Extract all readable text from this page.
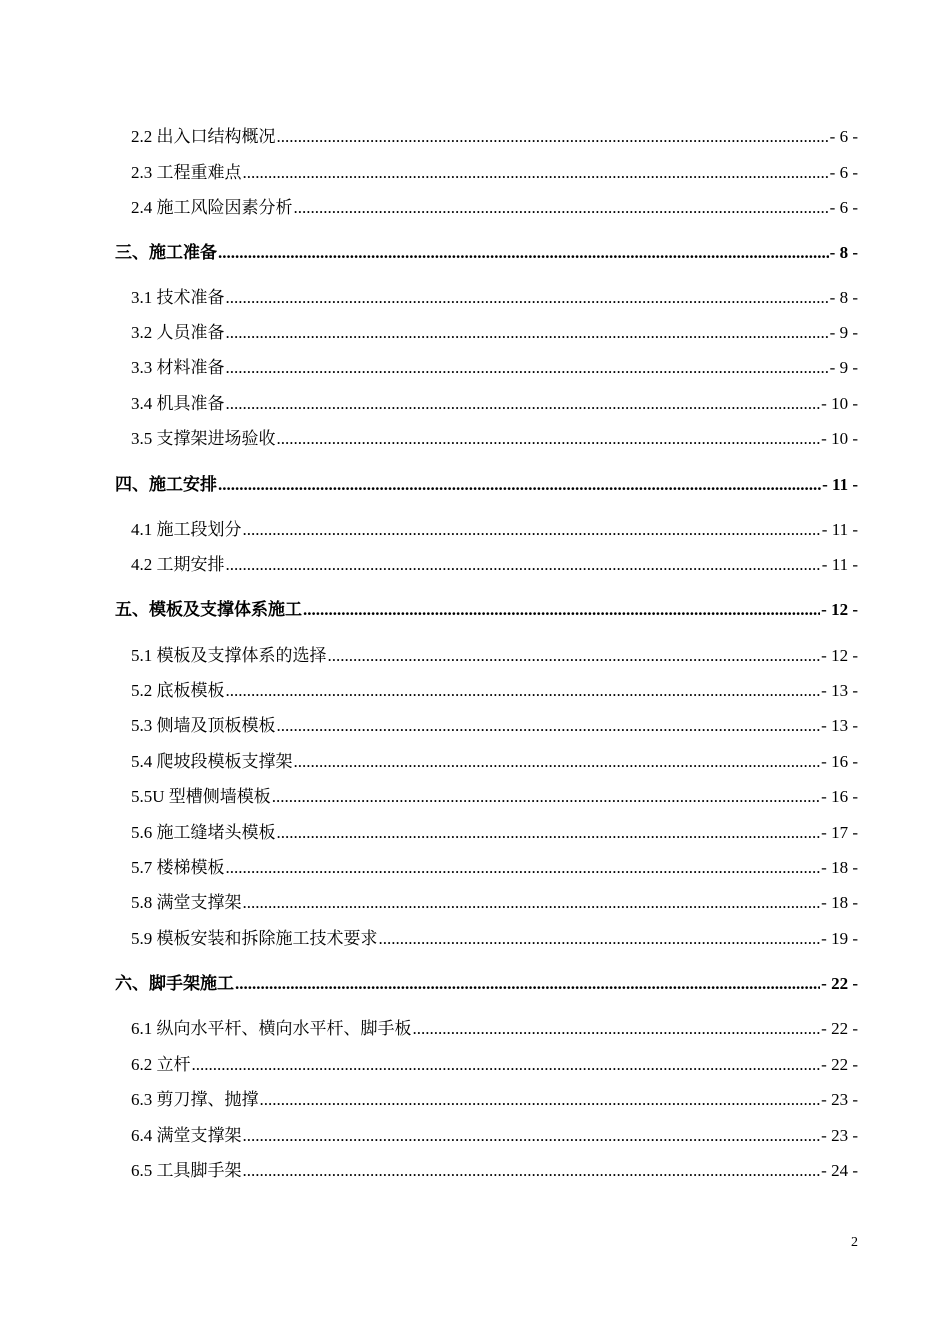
2.2 出入口结构概况 .....	- 6 -
2.3 工程重难点 .....	- 6 -
2.4 施工风险因素分析 .....	- 6 -
三、施工准备 .....	- 8 -
3.1 技术准备 .....	- 8 -
3.2 人员准备 .....	- 9 -
3.3 材料准备 .....	- 9 -
3.4 机具准备 .....	- 10 -
3.5 支撑架进场验收 .....	- 10 -
四、施工安排 .....	- 11 -
4.1 施工段划分 .....	- 11 -
4.2 工期安排 .....	- 11 -
五、模板及支撑体系施工 .....	- 12 -
5.1 模板及支撑体系的选择 .....	- 12 -
5.2 底板模板 .....	- 13 -
5.3 侧墙及顶板模板 .....	- 13 -
5.4 爬坡段模板支撑架 .....	- 16 -
5.5U 型槽侧墙模板 .....	- 16 -
5.6 施工缝堵头模板 .....	- 17 -
5.7 楼梯模板 .....	- 18 -
5.8 满堂支撑架 .....	- 18 -
5.9 模板安装和拆除施工技术要求 .....	- 19 -
六、脚手架施工 .....	- 22 -
6.1 纵向水平杆、横向水平杆、脚手板 .....	- 22 -
6.2 立杆 .....	- 22 -
6.3 剪刀撑、抛撑 .....	- 23 -
6.4 满堂支撑架 .....	- 23 -
6.5 工具脚手架 .....	- 24 -
2
